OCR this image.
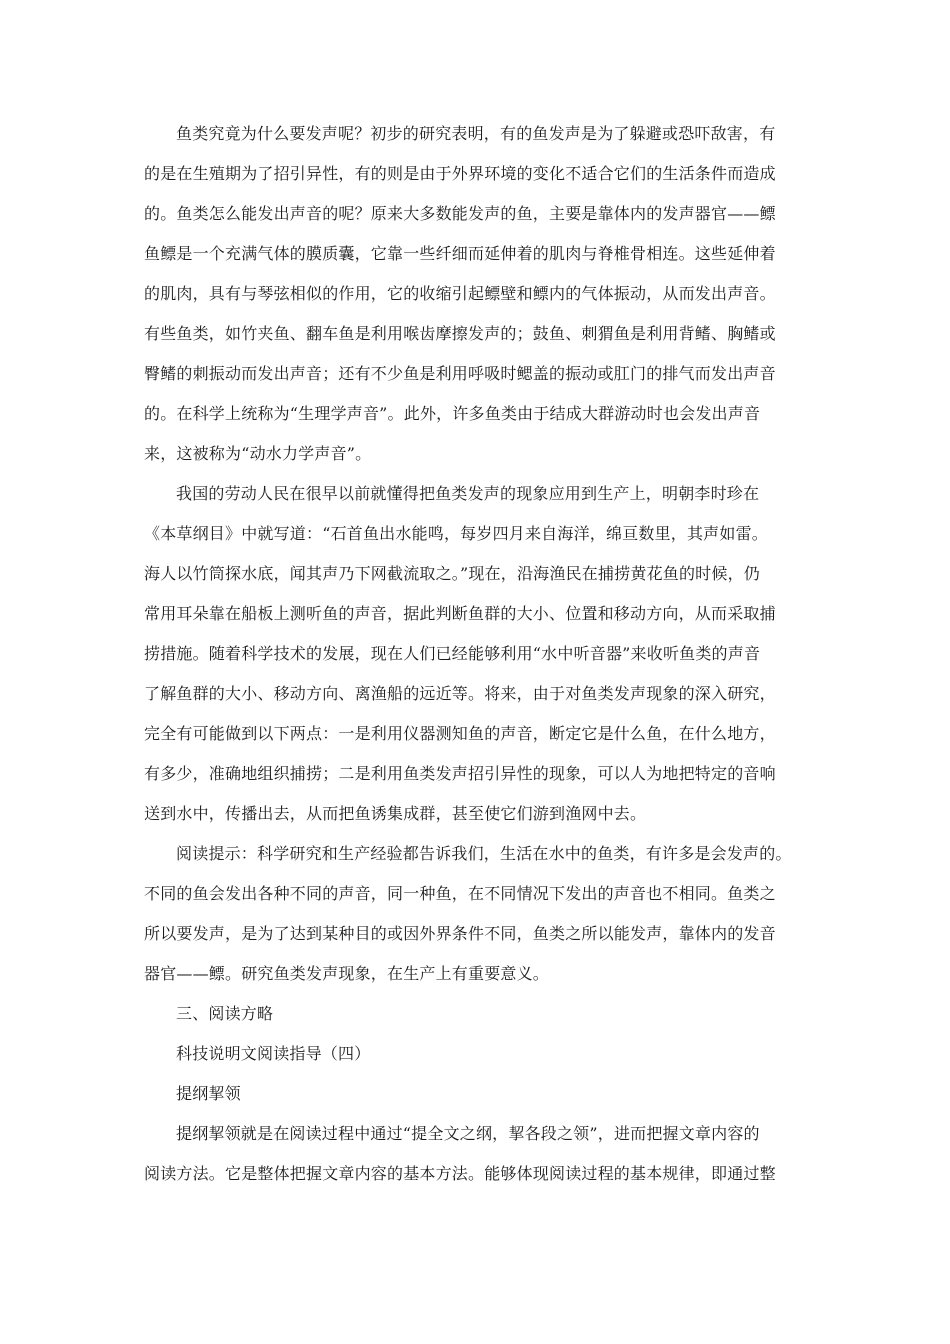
鱼类究竟为什么要发声呢？初步的研究表明，有的鱼发声是为了躲避或恐吓敌害，有
的是在生殖期为了招引异性，有的则是由于外界环境的变化不适合它们的生活条件而造成
的。鱼类怎么能发出声音的呢？原来大多数能发声的鱼，主要是靠体内的发声器官——鳔
鱼鳔是一个充满气体的膜质囊，它靠一些纤细而延伸着的肌肉与脊椎骨相连。这些延伸着
的肌肉，具有与琴弦相似的作用，它的收缩引起鳔壁和鳔内的气体振动，从而发出声音。
有些鱼类，如竹夹鱼、翻车鱼是利用喉齿摩擦发声的；鼓鱼、刺猬鱼是利用背鳍、胸鳍或
臀鳍的刺振动而发出声音；还有不少鱼是利用呼吸时鳃盖的振动或肛门的排气而发出声音
的。在科学上统称为“生理学声音”。此外，许多鱼类由于结成大群游动时也会发出声音
来，这被称为“动水力学声音”。
我国的劳动人民在很早以前就懂得把鱼类发声的现象应用到生产上，明朝李时珍在
《本草纲目》中就写道：“石首鱼出水能鸣，每岁四月来自海洋，绵亘数里，其声如雷。
海人以竹筒探水底，闻其声乃下网截流取之。”现在，沿海渔民在捕捞黄花鱼的时候，仍
常用耳朵靠在船板上测听鱼的声音，据此判断鱼群的大小、位置和移动方向，从而采取捕
捞措施。随着科学技术的发展，现在人们已经能够利用“水中听音器”来收听鱼类的声音
了解鱼群的大小、移动方向、离渔船的远近等。将来，由于对鱼类发声现象的深入研究，
完全有可能做到以下两点：一是利用仪器测知鱼的声音，断定它是什么鱼，在什么地方，
有多少，准确地组织捕捞；二是利用鱼类发声招引异性的现象，可以人为地把特定的音响
送到水中，传播出去，从而把鱼诱集成群，甚至使它们游到渔网中去。
阅读提示：科学研究和生产经验都告诉我们，生活在水中的鱼类，有许多是会发声的。
不同的鱼会发出各种不同的声音，同一种鱼，在不同情况下发出的声音也不相同。鱼类之
所以要发声，是为了达到某种目的或因外界条件不同，鱼类之所以能发声，靠体内的发音
器官——鳔。研究鱼类发声现象，在生产上有重要意义。
三、阅读方略
科技说明文阅读指导（四）
提纲挈领
提纲挈领就是在阅读过程中通过“提全文之纲，挈各段之领”，进而把握文章内容的
阅读方法。它是整体把握文章内容的基本方法。能够体现阅读过程的基本规律，即通过整
